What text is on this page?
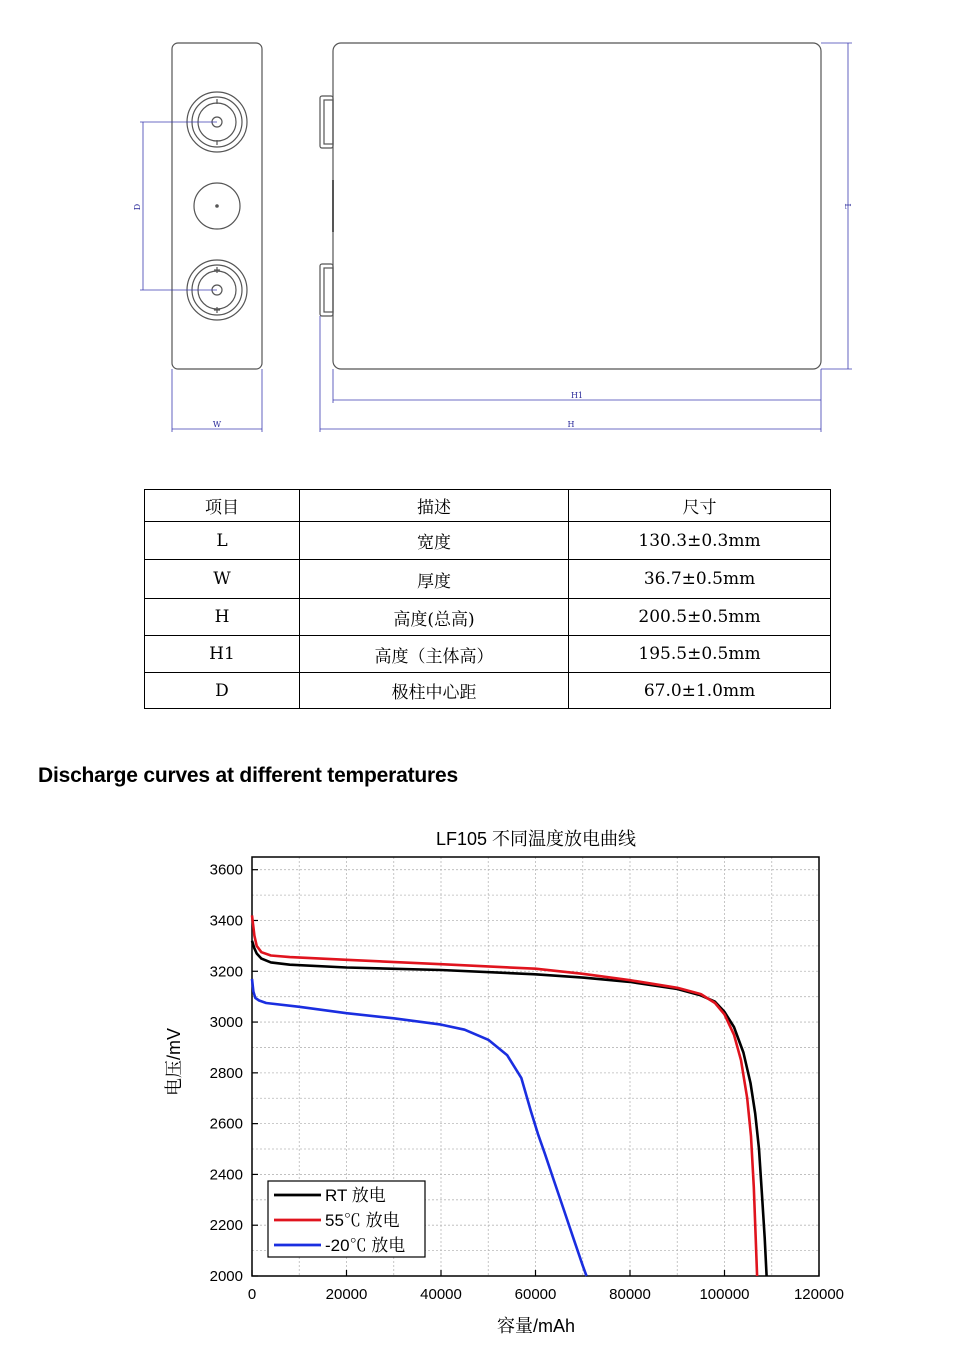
D	L
W
H1
H
项目	描述	尺寸
L	宽度	130.3±0.3mm
W	厚度	36.7±0.5mm
H	高度(总高)	200.5±0.5mm
H1	高度（主体高）	195.5±0.5mm
D	极柱中心距	67.0±1.0mm
Discharge curves at different temperatures
0	20000	40000	60000	80000	100000	120000
2000
2200
2400
2600
2800
3000
3200
3400
3600
LF105 不同温度放电曲线
容量/mAh
电压/mV
RT 放电
55℃ 放电
-20℃ 放电
